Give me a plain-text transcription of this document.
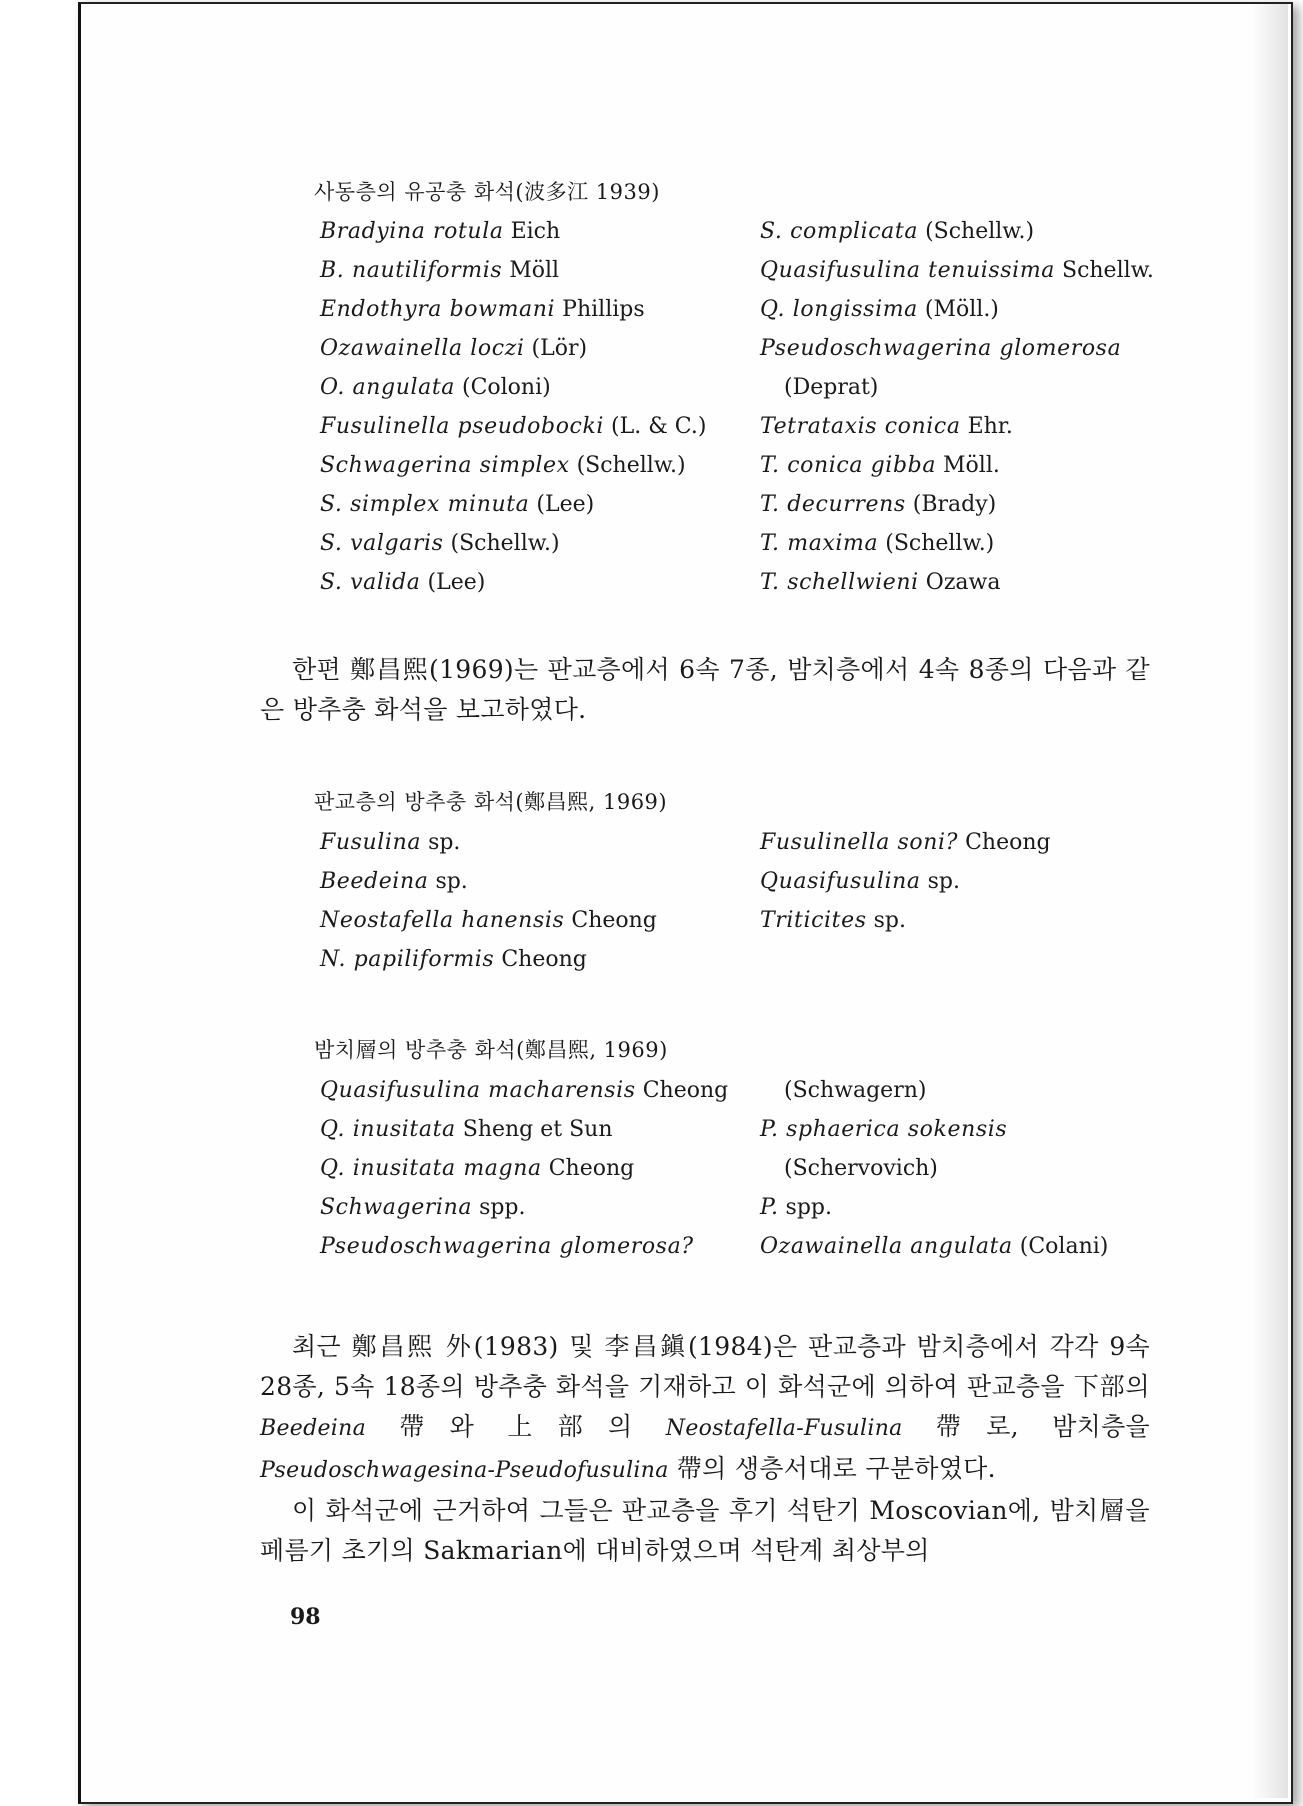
사동층의 유공충 화석(波多江 1939)
Bradyina rotula Eich
B. nautiliformis Möll
Endothyra bowmani Phillips
Ozawainella loczi (Lör)
O. angulata (Coloni)
Fusulinella pseudobocki (L. & C.)
Schwagerina simplex (Schellw.)
S. simplex minuta (Lee)
S. valgaris (Schellw.)
S. valida (Lee)
S. complicata (Schellw.)
Quasifusulina tenuissima Schellw.
Q. longissima (Möll.)
Pseudoschwagerina glomerosa
(Deprat)
Tetrataxis conica Ehr.
T. conica gibba Möll.
T. decurrens (Brady)
T. maxima (Schellw.)
T. schellwieni Ozawa

한편 鄭昌熙(1969)는 판교층에서 6속 7종, 밤치층에서 4속 8종의 다음과 같은 방추충 화석을 보고하였다.

판교층의 방추충 화석(鄭昌熙, 1969)
Fusulina sp.
Beedeina sp.
Neostafella hanensis Cheong
N. papiliformis Cheong
Fusulinella soni? Cheong
Quasifusulina sp.
Triticites sp.
밤치層의 방추충 화석(鄭昌熙, 1969)
Quasifusulina macharensis Cheong
Q. inusitata Sheng et Sun
Q. inusitata magna Cheong
Schwagerina spp.
Pseudoschwagerina glomerosa?
(Schwagern)
P. sphaerica sokensis
(Schervovich)
P. spp.
Ozawainella angulata (Colani)

최근 鄭昌熙 外(1983) 및 李昌鎭(1984)은 판교층과 밤치층에서 각각 9속 28종, 5속 18종의 방추충 화석을 기재하고 이 화석군에 의하여 판교층을 下部의 Beedeina 帶와 上部의 Neostafella-Fusulina 帶로, 밤치층을 Pseudoschwagesina-Pseudofusulina 帶의 생층서대로 구분하였다.

이 화석군에 근거하여 그들은 판교층을 후기 석탄기 Moscovian에, 밤치層을 페름기 초기의 Sakmarian에 대비하였으며 석탄계 최상부의

98
